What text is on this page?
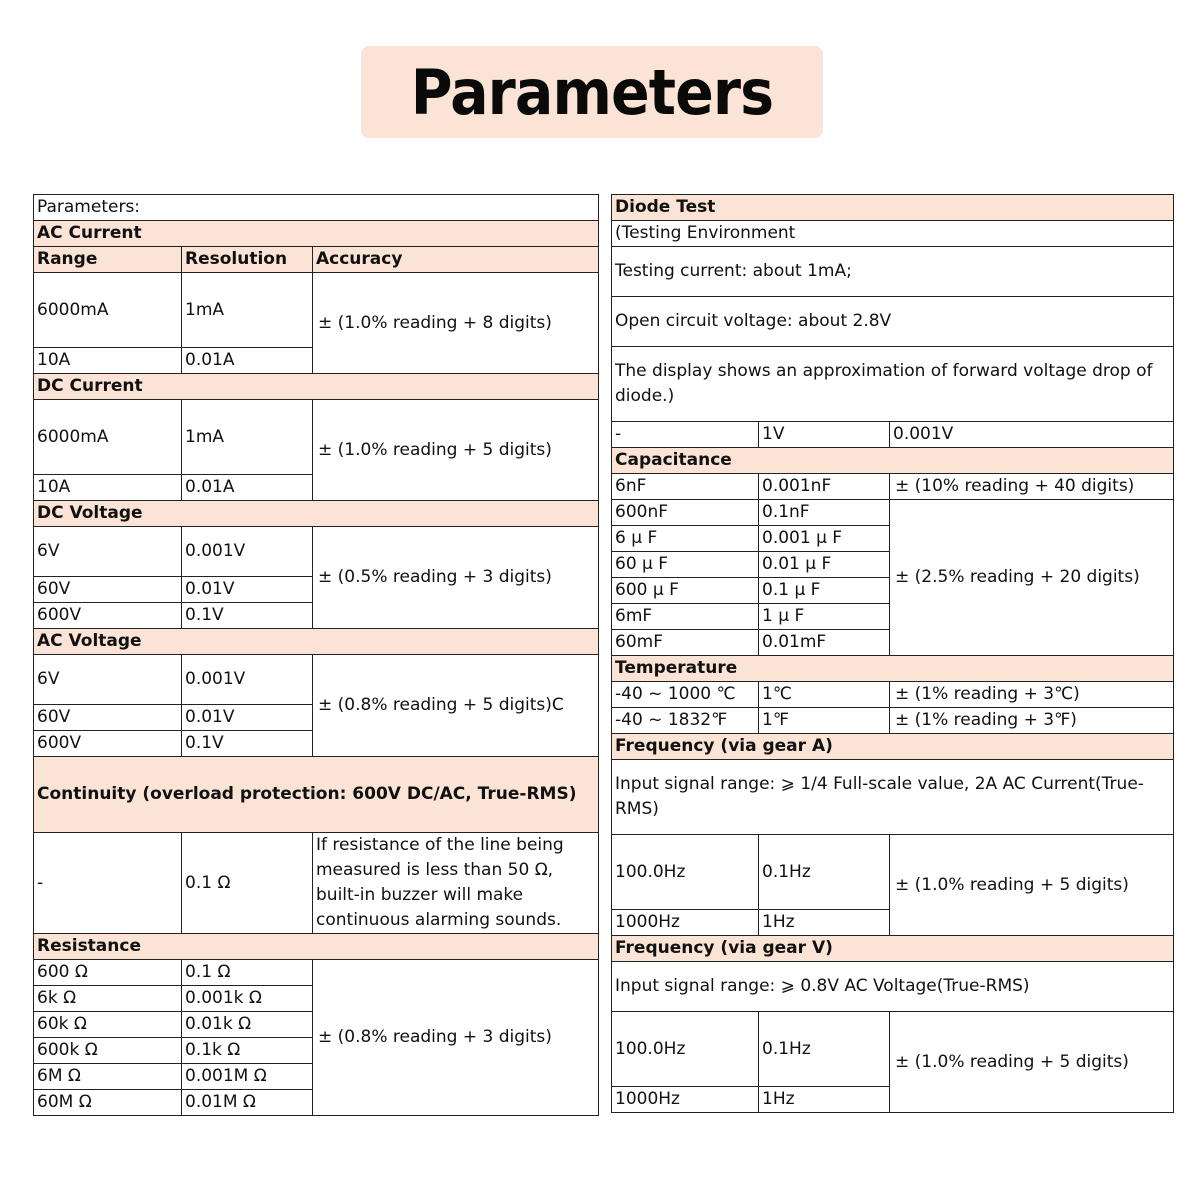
Parameters
Parameters:		
AC Current		
Range	Resolution	Accuracy
6000mA	1mA	± (1.0% reading + 8 digits)
10A	0.01A	
DC Current		
6000mA	1mA	± (1.0% reading + 5 digits)
10A	0.01A	
DC Voltage		
6V	0.001V	± (0.5% reading + 3 digits)
60V	0.01V	
600V	0.1V	
AC Voltage		
6V	0.001V	± (0.8% reading + 5 digits)C
60V	0.01V	
600V	0.1V	
Continuity (overload protection: 600V DC/AC, True-RMS)		
-	0.1 Ω	If resistance of the line being measured is less than 50 Ω, built-in buzzer will make continuous alarming sounds.
Resistance		
600 Ω	0.1 Ω	± (0.8% reading + 3 digits)
6k Ω	0.001k Ω	
60k Ω	0.01k Ω	
600k Ω	0.1k Ω	
6M Ω	0.001M Ω	
60M Ω	0.01M Ω	
Diode Test		
(Testing Environment		
Testing current: about 1mA;		
Open circuit voltage: about 2.8V		
The display shows an approximation of forward voltage drop of diode.)		
-	1V	0.001V
Capacitance		
6nF	0.001nF	± (10% reading + 40 digits)
600nF	0.1nF	± (2.5% reading + 20 digits)
6 μ F	0.001 μ F	
60 μ F	0.01 μ F	
600 μ F	0.1 μ F	
6mF	1 μ F	
60mF	0.01mF	
Temperature		
-40 ~ 1000 ℃	1℃	± (1% reading + 3℃)
-40 ~ 1832℉	1℉	± (1% reading + 3℉)
Frequency (via gear A)		
Input signal range: ⩾ 1/4 Full-scale value, 2A AC Current(True-RMS)		
100.0Hz	0.1Hz	± (1.0% reading + 5 digits)
1000Hz	1Hz	
Frequency (via gear V)		
Input signal range: ⩾ 0.8V AC Voltage(True-RMS)		
100.0Hz	0.1Hz	± (1.0% reading + 5 digits)
1000Hz	1Hz	
